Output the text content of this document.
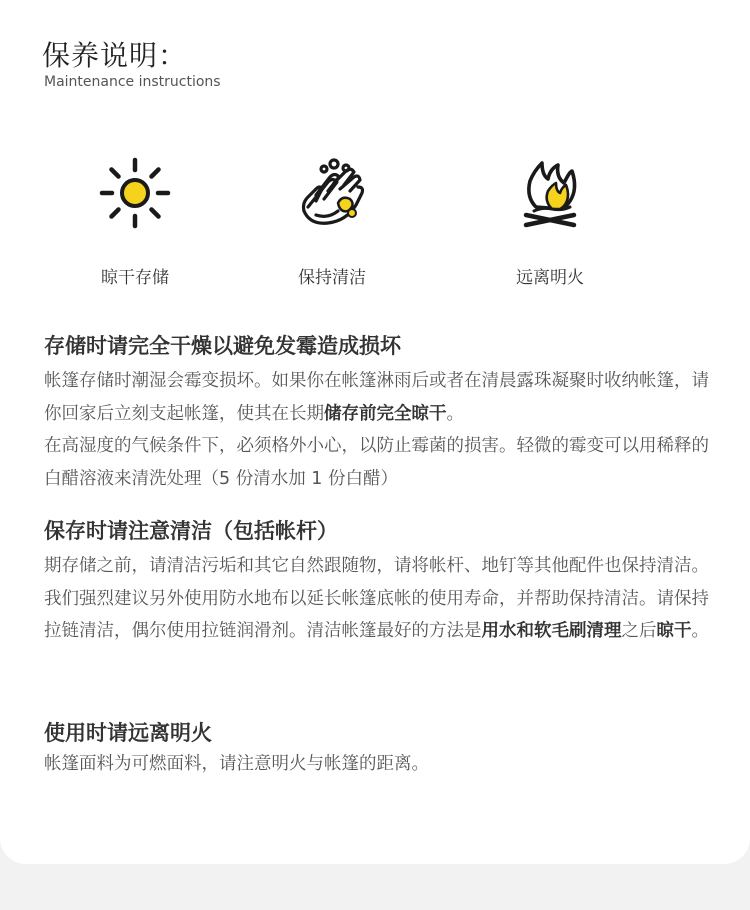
保养说明：

Maintenance instructions

晾干存储	保持清洁	远离明火
存储时请完全干燥以避免发霉造成损坏

帐篷存储时潮湿会霉变损坏。如果你在帐篷淋雨后或者在清晨露珠凝聚时收纳帐篷，请你回家后立刻支起帐篷，使其在长期储存前完全晾干。

在高湿度的气候条件下，必须格外小心，以防止霉菌的损害。轻微的霉变可以用稀释的白醋溶液来清洗处理（5 份清水加 1 份白醋）

保存时请注意清洁（包括帐杆）

期存储之前，请清洁污垢和其它自然跟随物，请将帐杆、地钉等其他配件也保持清洁。我们强烈建议另外使用防水地布以延长帐篷底帐的使用寿命，并帮助保持清洁。请保持拉链清洁，偶尔使用拉链润滑剂。清洁帐篷最好的方法是用水和软毛刷清理之后晾干。

使用时请远离明火

帐篷面料为可燃面料，请注意明火与帐篷的距离。
